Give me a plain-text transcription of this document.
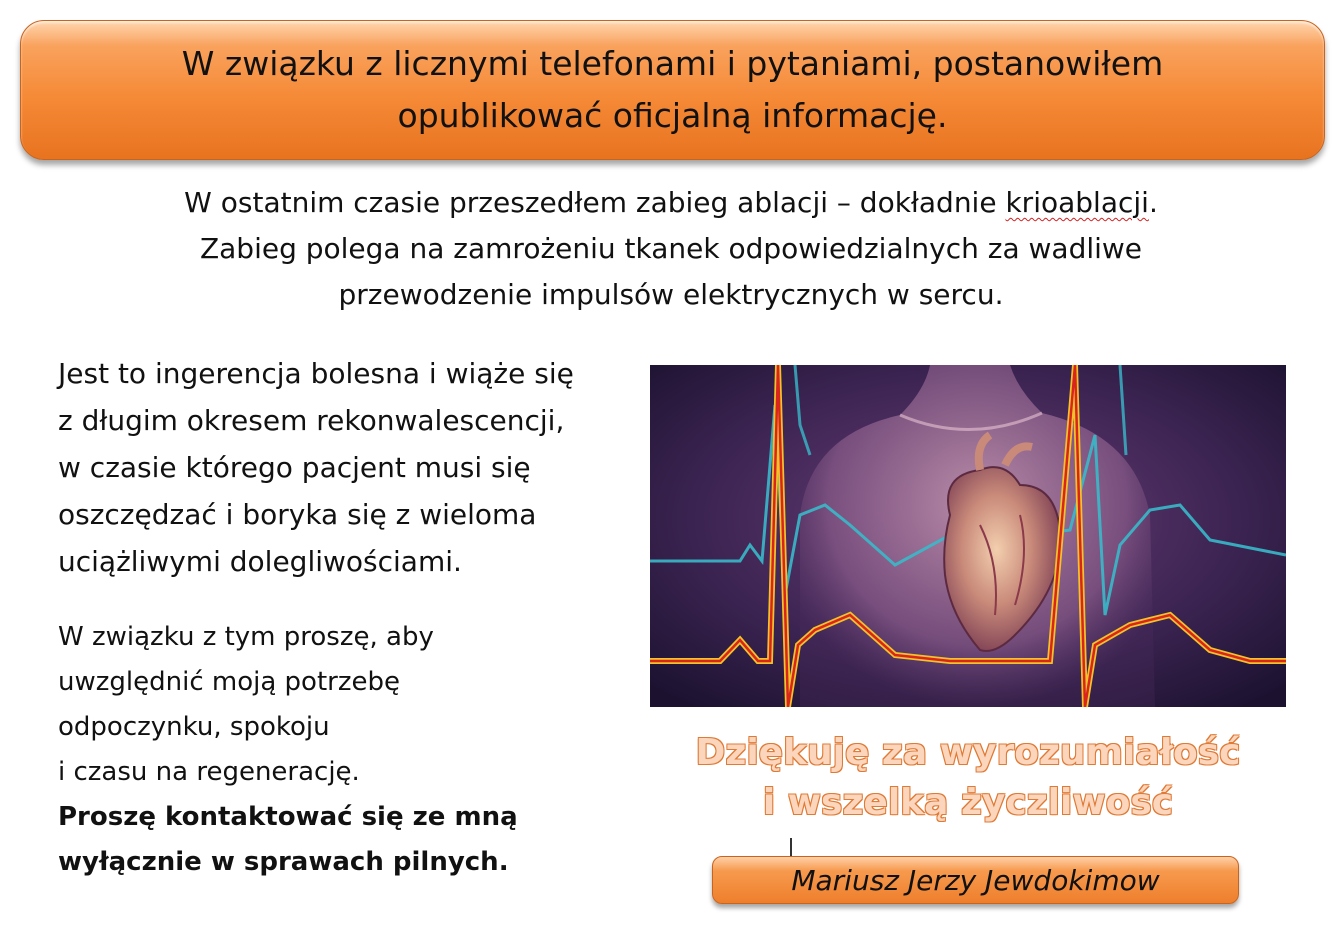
W związku z licznymi telefonami i pytaniami, postanowiłem
opublikować oficjalną informację.
W ostatnim czasie przeszedłem zabieg ablacji – dokładnie krioablacji.
Zabieg polega na zamrożeniu tkanek odpowiedzialnych za wadliwe
przewodzenie impulsów elektrycznych w sercu.
Jest to ingerencja bolesna i wiąże się
z długim okresem rekonwalescencji,
w czasie którego pacjent musi się
oszczędzać i boryka się z wieloma
uciążliwymi dolegliwościami.
W związku z tym proszę, aby
uwzględnić moją potrzebę
odpoczynku, spokoju
i czasu na regenerację.
Proszę kontaktować się ze mną
wyłącznie w sprawach pilnych.
Dziękuję za wyrozumiałość
i wszelką życzliwość
Mariusz Jerzy Jewdokimow
